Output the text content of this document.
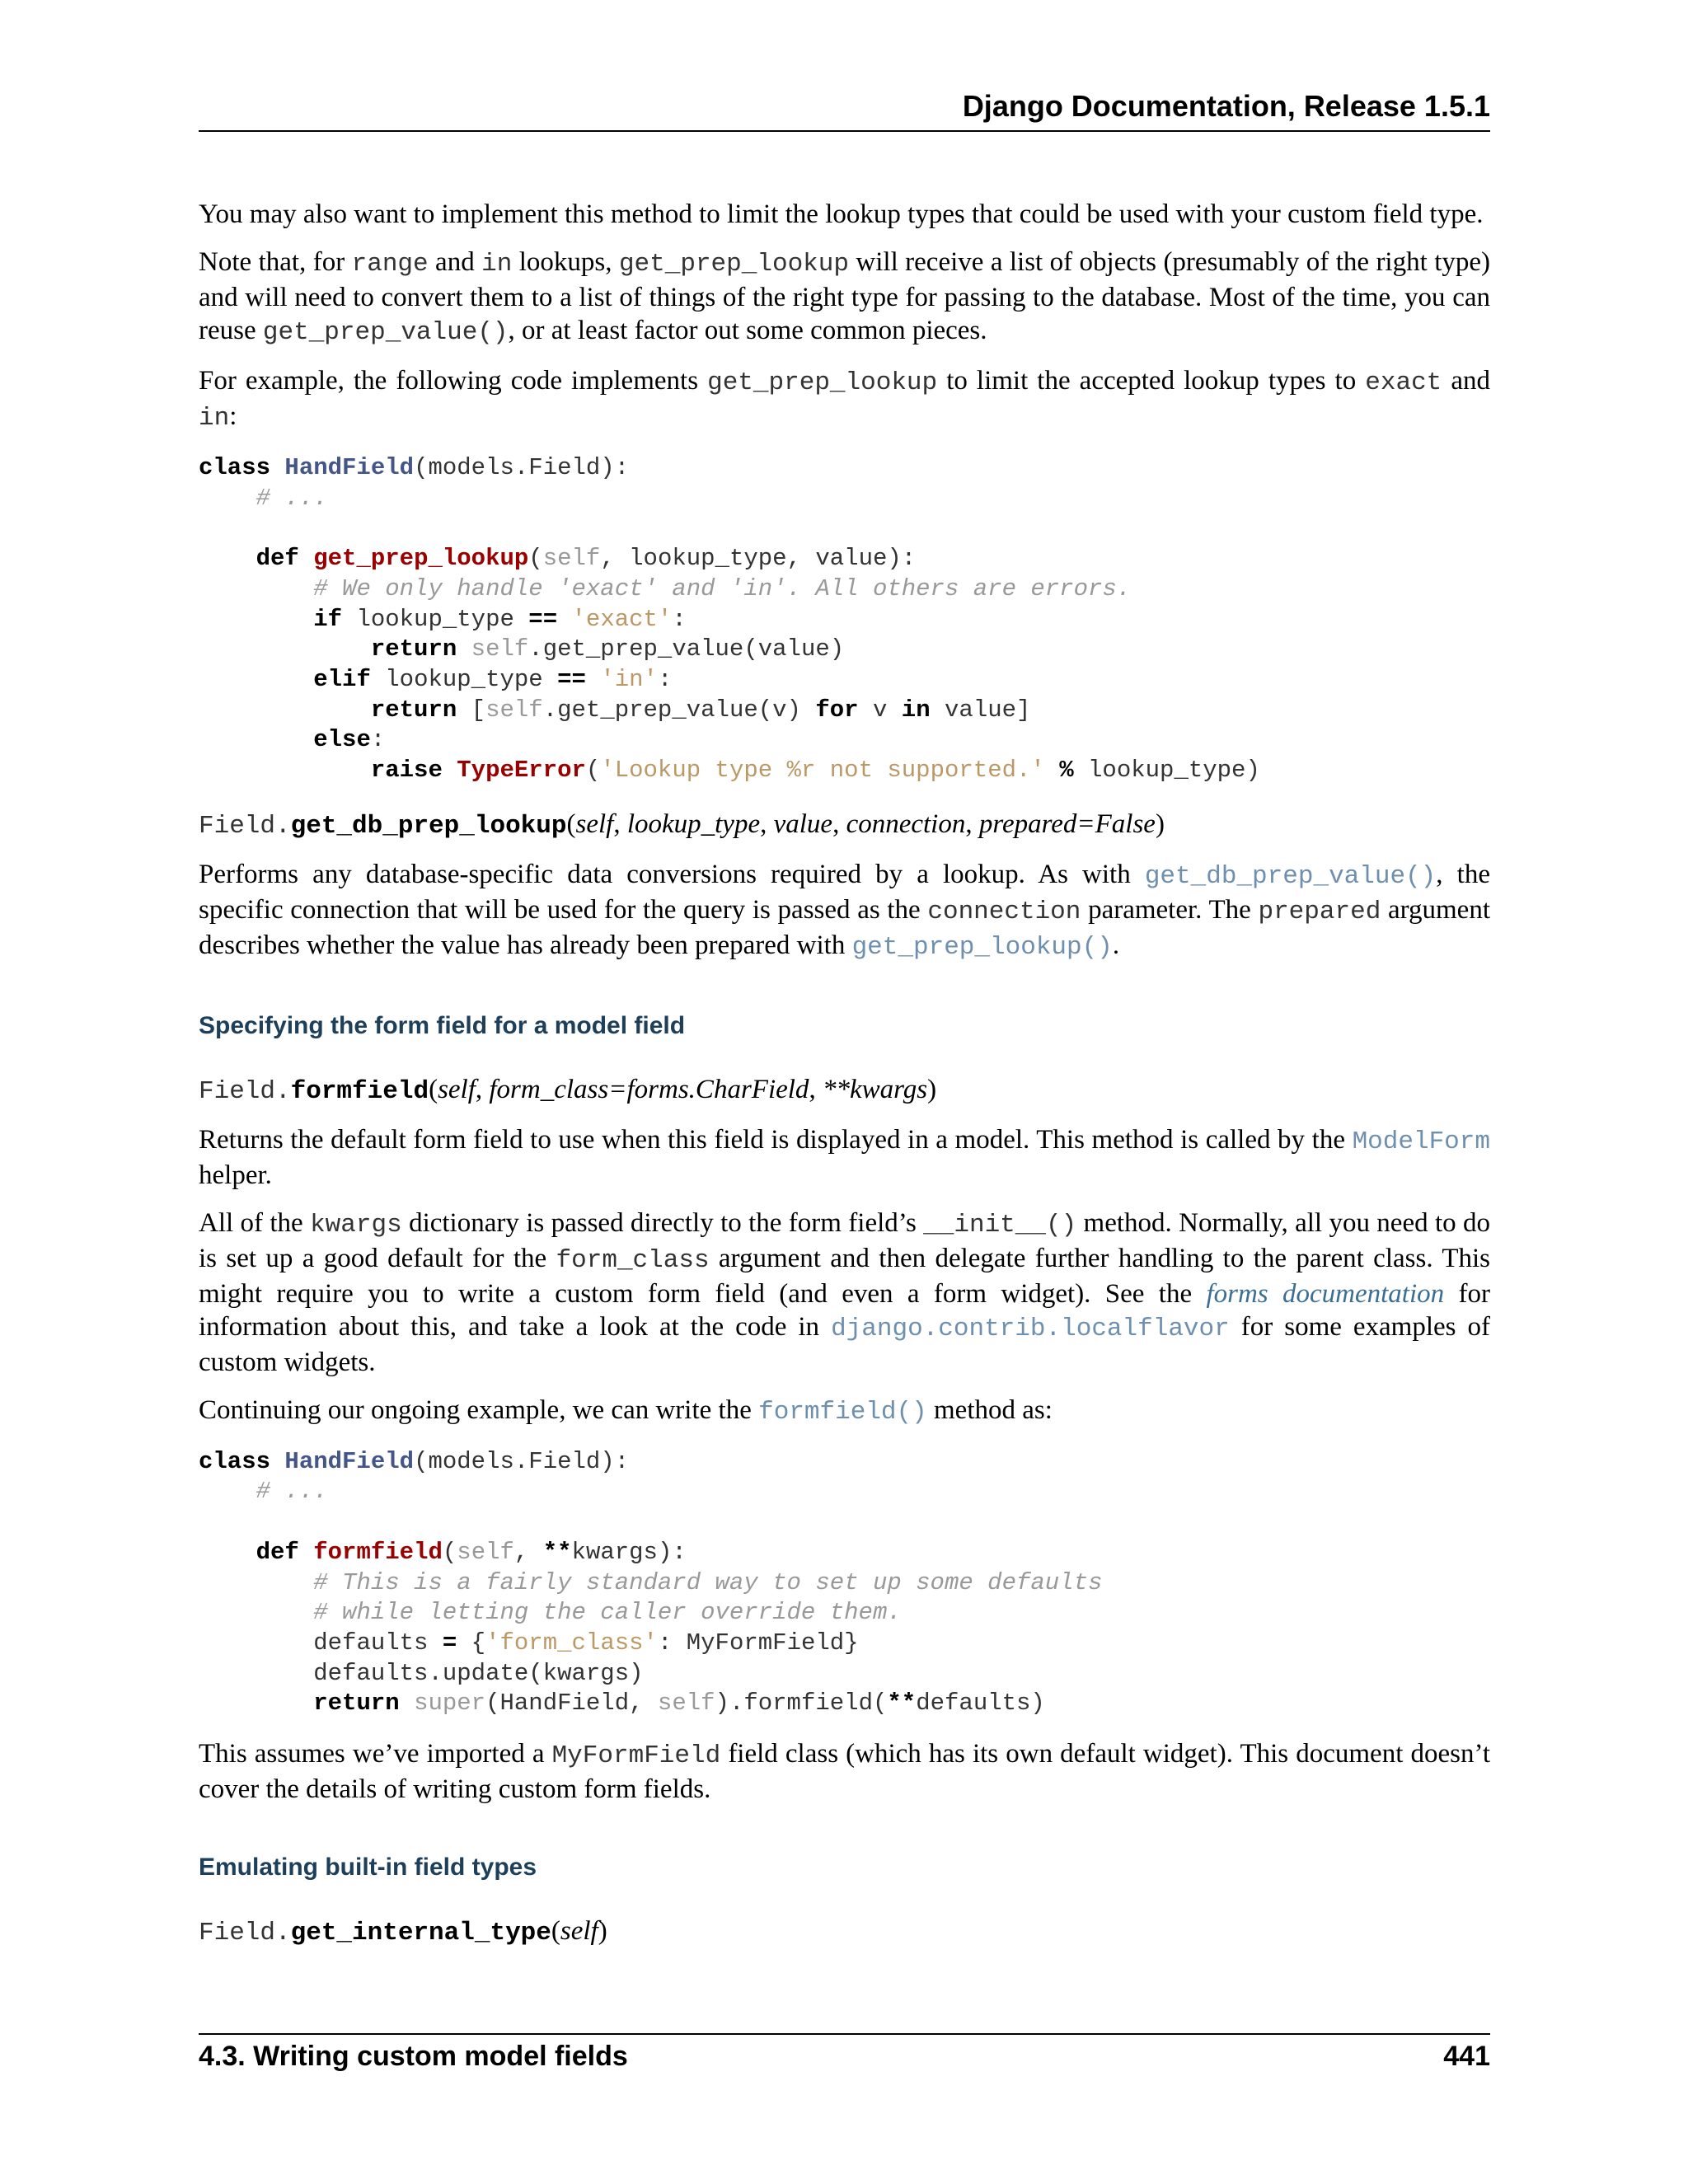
Django Documentation, Release 1.5.1

You may also want to implement this method to limit the lookup types that could be used with your custom field type.

Note that, for range and in lookups, get_prep_lookup will receive a list of objects (presumably of the right type) and will need to convert them to a list of things of the right type for passing to the database. Most of the time, you can reuse get_prep_value(), or at least factor out some common pieces.

For example, the following code implements get_prep_lookup to limit the accepted lookup types to exact and in:

class HandField(models.Field):
# ...

def get_prep_lookup(self, lookup_type, value):
# We only handle 'exact' and 'in'. All others are errors.
if lookup_type == 'exact':
return self.get_prep_value(value)
elif lookup_type == 'in':
return [self.get_prep_value(v) for v in value]
else:
raise TypeError('Lookup type %r not supported.' % lookup_type)
Field.get_db_prep_lookup(self, lookup_type, value, connection, prepared=False)

Performs any database-specific data conversions required by a lookup. As with get_db_prep_value(), the specific connection that will be used for the query is passed as the connection parameter. The prepared argument describes whether the value has already been prepared with get_prep_lookup().

Specifying the form field for a model field
Field.formfield(self, form_class=forms.CharField, **kwargs)

Returns the default form field to use when this field is displayed in a model. This method is called by the ModelForm helper.

All of the kwargs dictionary is passed directly to the form field’s __init__() method. Normally, all you need to do is set up a good default for the form_class argument and then delegate further handling to the parent class. This might require you to write a custom form field (and even a form widget). See the forms documentation for information about this, and take a look at the code in django.contrib.localflavor for some examples of custom widgets.

Continuing our ongoing example, we can write the formfield() method as:

class HandField(models.Field):
# ...

def formfield(self, **kwargs):
# This is a fairly standard way to set up some defaults
# while letting the caller override them.
defaults = {'form_class': MyFormField}
defaults.update(kwargs)
return super(HandField, self).formfield(**defaults)

This assumes we’ve imported a MyFormField field class (which has its own default widget). This document doesn’t cover the details of writing custom form fields.

Emulating built-in field types
Field.get_internal_type(self)
4.3. Writing custom model fields	441
